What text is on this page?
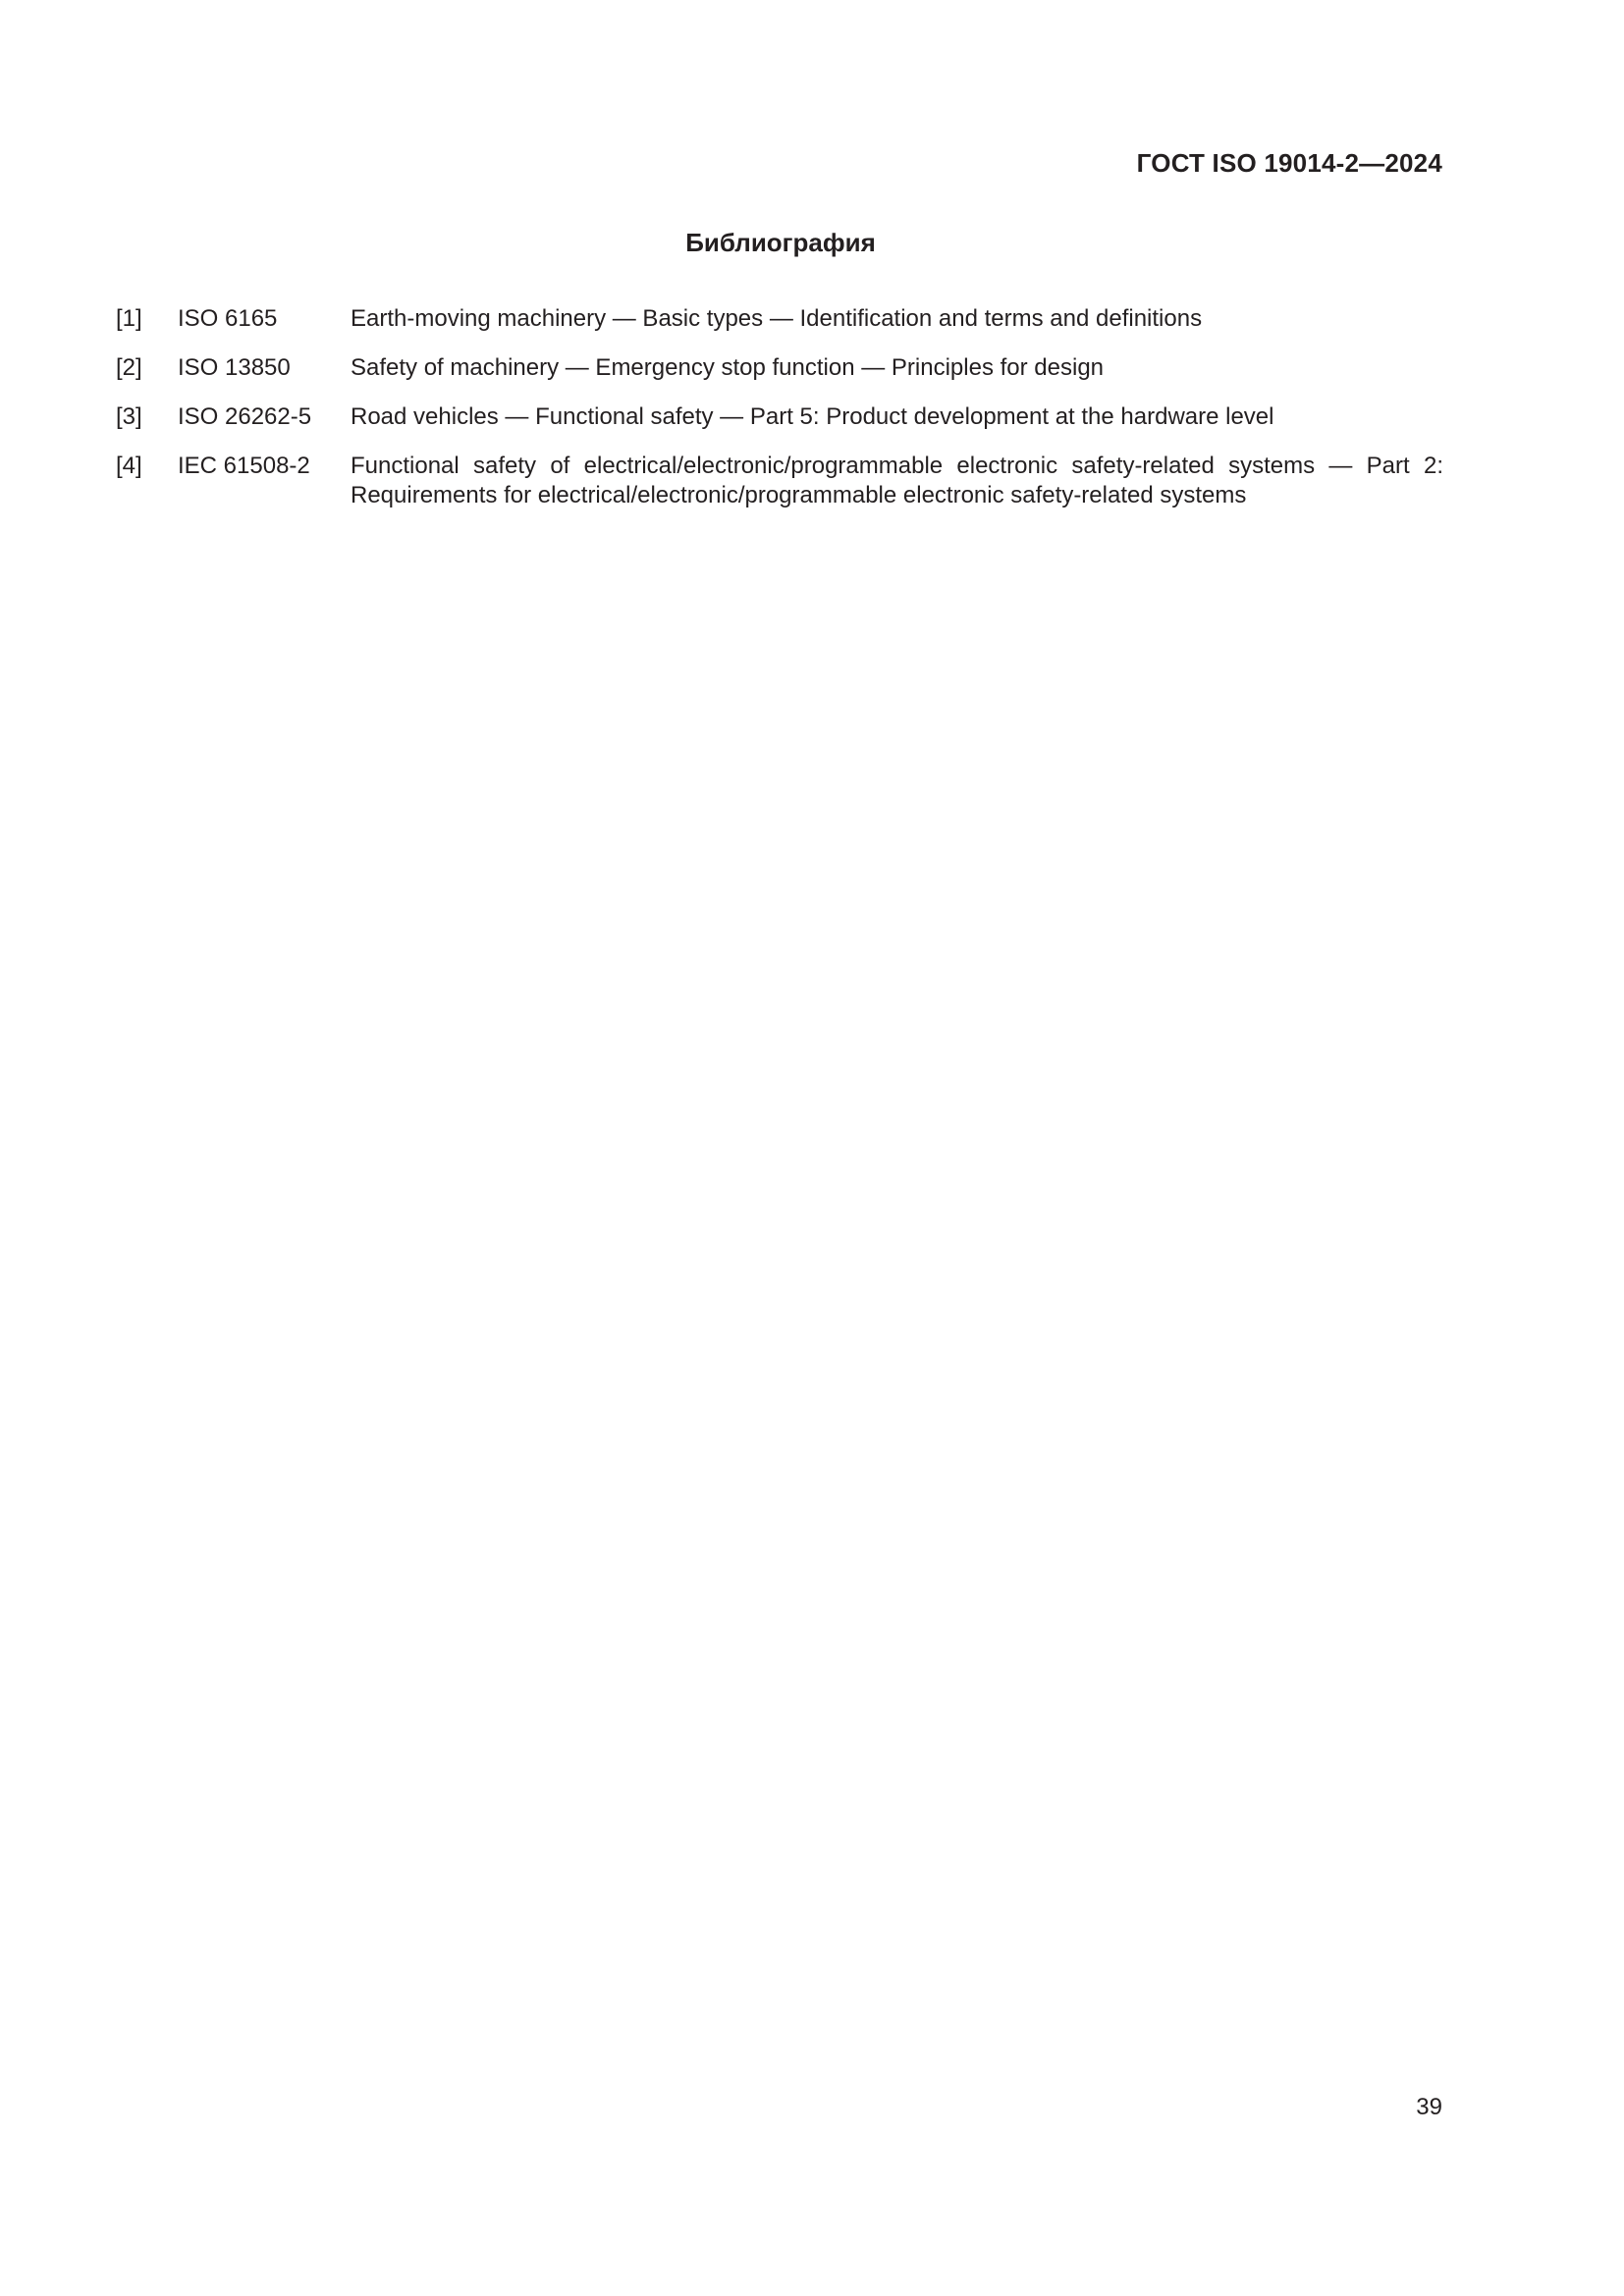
ГОСТ ISO 19014-2—2024
Библиография
[1]	ISO 6165	Earth-moving machinery — Basic types — Identification and terms and definitions
[2]	ISO 13850	Safety of machinery — Emergency stop function — Principles for design
[3]	ISO 26262-5	Road vehicles — Functional safety — Part 5: Product development at the hardware level
[4]	IEC 61508-2	Functional safety of electrical/electronic/programmable electronic safety-related systems — Part 2: Requirements for electrical/electronic/programmable electronic safety-related systems
39
